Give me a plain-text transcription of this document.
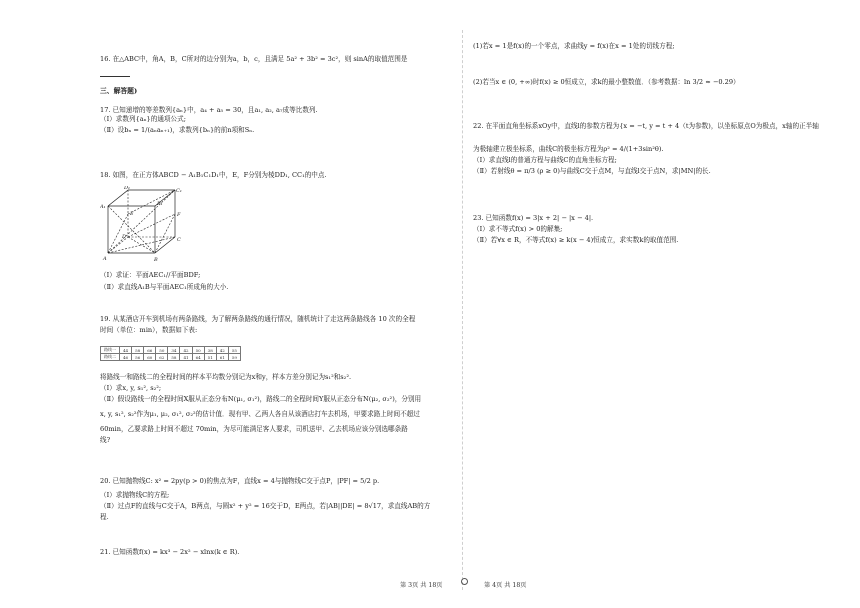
16. 在△ABC中，角A，B，C所对的边分别为a，b，c，且满足 5a² + 3b² = 3c²，则 sinA的取值范围是
三、解答题)
17. 已知递增的等差数列{aₙ}中，a₄ + a₅ = 30，且a₁, a₂, a₇成等比数列.
（Ⅰ）求数列{aₙ}的通项公式;
（Ⅱ）设bₙ = 1/(aₙaₙ₊₁)，求数列{bₙ}的前n项和Sₙ.
18. 如图，在正方体ABCD − A₁B₁C₁D₁中，E，F分别为棱DD₁, CC₁的中点.
D₁	C₁
A₁	B₁
E	F
A	B
C
D
（Ⅰ）求证：平面AEC₁//平面BDF;
（Ⅱ）求直线A₁B与平面AEC₁所成角的大小.
19. 从某酒店开车到机场有两条路线，为了解两条路线的通行情况，随机统计了走这两条路线各 10 次的全程
时间（单位：min），数据如下表:
路线一	44	58	66	50	34	42	50	38	42	55
路线二	46	56	60	62	58	41	64	51	61	59
将路线一和路线二的全程时间的样本平均数分别记为x和y，样本方差分别记为s₁²和s₂².
（Ⅰ）求x, y, s₁², s₂²;
（Ⅱ）假设路线一的全程时间X服从正态分布N(μ₁, σ₁²)，路线二的全程时间Y服从正态分布N(μ₂, σ₂²)，分别用
x, y, s₁², s₂²作为μ₁, μ₂, σ₁², σ₂²的估计值．现有甲、乙两人各自从该酒店打车去机场，甲要求路上时间不超过
60min，乙要求路上时间不超过 70min，为尽可能满足客人要求，司机送甲、乙去机场应该分别选哪条路
线?
20. 已知抛物线C: x² = 2py(p > 0)的焦点为F，直线x = 4与抛物线C交于点P，|PF| = 5/2 p.
（Ⅰ）求抛物线C的方程;
（Ⅱ）过点F的直线与C交于A，B两点，与圆x² + y² = 16交于D，E两点，若|AB||DE| = 8√17，求直线AB的方
程.
21. 已知函数f(x) = kx³ − 2x² − xlnx(k ∈ R).
(1)若x = 1是f(x)的一个零点，求曲线y = f(x)在x = 1处的切线方程;
(2)若当x ∈ (0, +∞)时f(x) ≥ 0恒成立，求k的最小整数值．（参考数据：ln 3/2 ≈ −0.29）
22. 在平面直角坐标系xOy中，直线l的参数方程为{x = −t, y = t + 4（t为参数)，以坐标原点O为极点，x轴的正半轴
为极轴建立极坐标系，曲线C的极坐标方程为ρ² = 4/(1+3sin²θ).
（Ⅰ）求直线l的普通方程与曲线C的直角坐标方程;
（Ⅱ）若射线θ = π/3 (ρ ≥ 0)与曲线C交于点M，与直线l交于点N，求|MN|的长.
23. 已知函数f(x) = 3|x + 2| − |x − 4|.
（Ⅰ）求不等式f(x) > 0的解集;
（Ⅱ）若∀x ∈ R，不等式f(x) ≥ k(x − 4)恒成立，求实数k的取值范围.
第 3页 共 18页	第 4页 共 18页
